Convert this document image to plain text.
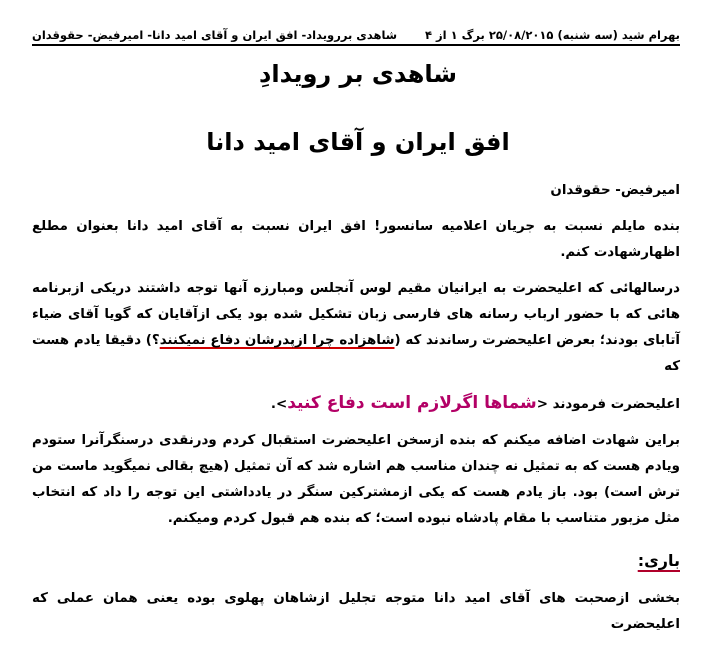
بهرام شید (سه شنبه) ۲۵/۰۸/۲۰۱۵ برگ ۱ از ۴
شاهدی بررویداد- افق ایران و آقای امید دانا- امیرفیض- حقوقدان
شاهدی بر رویدادِ
افق ایران و آقای امید دانا

امیرفیض- حقوقدان

بنده مایلم نسبت به جریان اعلامیه سانسور! افق ایران نسبت به آقای امید دانا بعنوان مطلع اظهارشهادت کنم.

درسالهائی که اعلیحضرت به ایرانیان مقیم لوس آنجلس ومبارزه آنها توجه داشتند دریکی ازبرنامه هائی که با حضور ارباب رسانه های فارسی زبان تشکیل شده بود یکی ازآقایان که گویا آقای ضیاء آتابای بودند؛ بعرض اعلیحضرت رساندند که (شاهزاده چرا ازپدرشان دفاع نمیکنند؟) دقیقا یادم هست که

اعلیحضرت فرمودند <شماها اگرلازم است دفاع کنید>.

براین شهادت اضافه میکنم که بنده ازسخن اعلیحضرت استقبال کردم ودرنقدی درسنگرآنرا ستودم ویادم هست که به تمثیل نه چندان مناسب هم اشاره شد که آن تمثیل (هیچ بقالی نمیگوید ماست من ترش است) بود. باز یادم هست که یکی ازمشترکین سنگر در یادداشتی این توجه را داد که انتخاب مثل مزبور متناسب با مقام پادشاه نبوده است؛ که بنده هم قبول کردم ومیکنم.

باری:

بخشی ازصحبت های آقای امید دانا متوجه تجلیل ازشاهان پهلوی بوده یعنی همان عملی که اعلیحضرت
